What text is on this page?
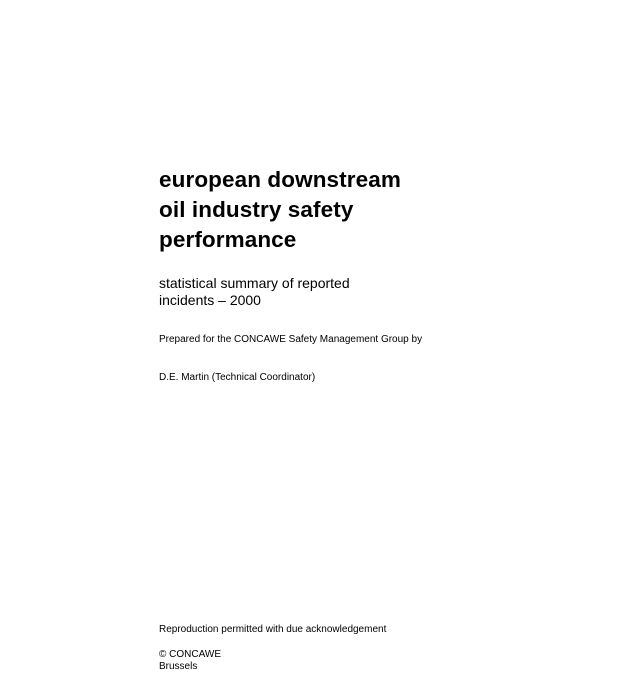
european downstream
oil industry safety
performance
statistical summary of reported
incidents – 2000
Prepared for the CONCAWE Safety Management Group by
D.E. Martin (Technical Coordinator)
Reproduction permitted with due acknowledgement
© CONCAWE
Brussels
